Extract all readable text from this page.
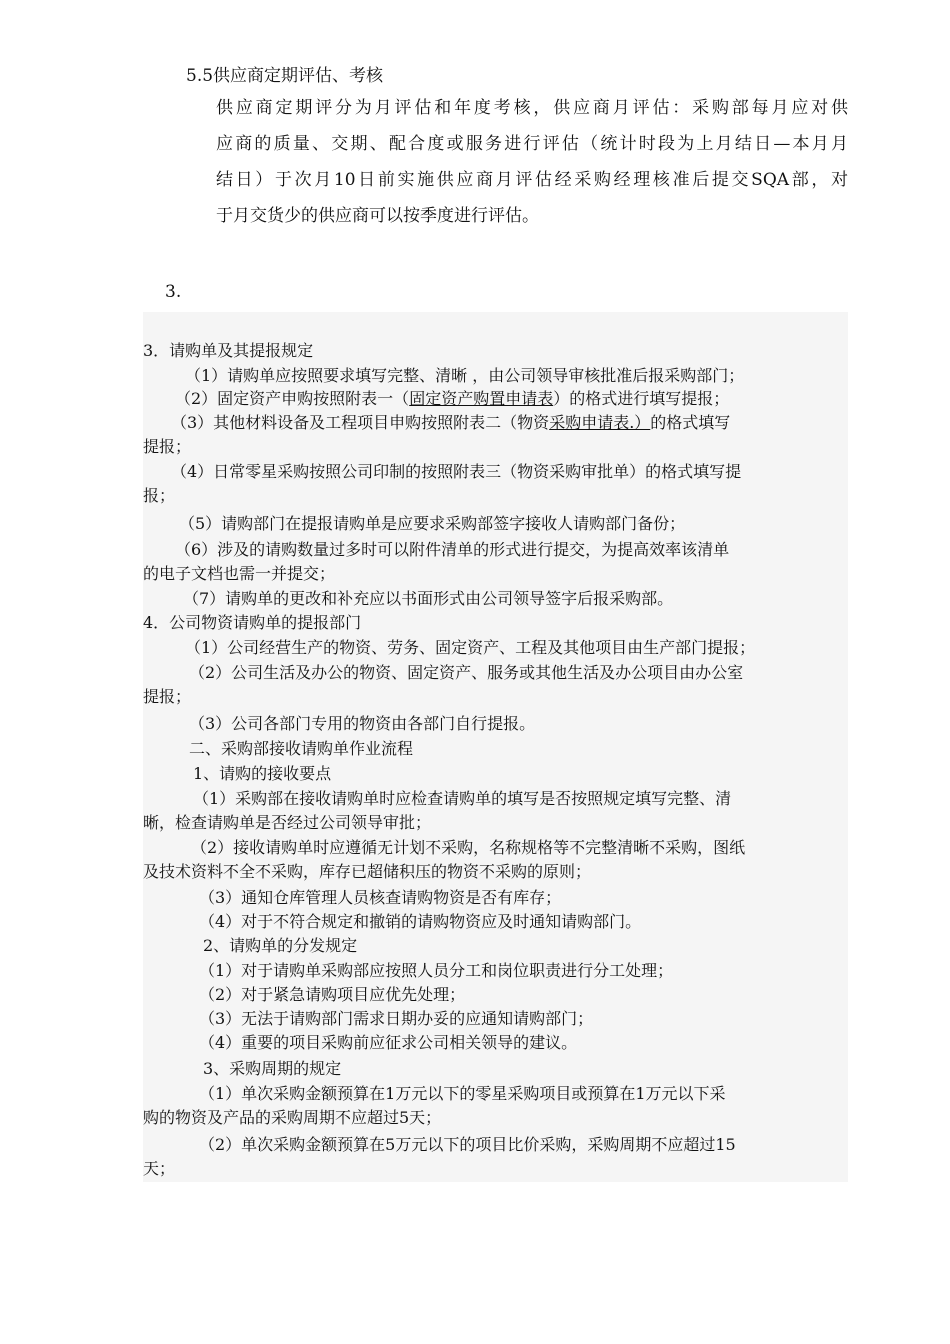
5.5供应商定期评估、考核
供应商定期评分为月评估和年度考核，供应商月评估：采购部每月应对供
应商的质量、交期、配合度或服务进行评估（统计时段为上月结日—本月月
结日）于次月10日前实施供应商月评估经采购经理核准后提交SQA部，对
于月交货少的供应商可以按季度进行评估。
3.
3．请购单及其提报规定
（1）请购单应按照要求填写完整、清晰 ，由公司领导审核批准后报采购部门；
（2）固定资产申购按照附表一（固定资产购置申请表）的格式进行填写提报；
（3）其他材料设备及工程项目申购按照附表二（物资采购申请表.）的格式填写
提报；
（4）日常零星采购按照公司印制的按照附表三（物资采购审批单）的格式填写提
报；
（5）请购部门在提报请购单是应要求采购部签字接收人请购部门备份；
（6）涉及的请购数量过多时可以附件清单的形式进行提交，为提高效率该清单
的电子文档也需一并提交；
（7）请购单的更改和补充应以书面形式由公司领导签字后报采购部。
4．公司物资请购单的提报部门
（1）公司经营生产的物资、劳务、固定资产、工程及其他项目由生产部门提报；
（2）公司生活及办公的物资、固定资产、服务或其他生活及办公项目由办公室
提报；
（3）公司各部门专用的物资由各部门自行提报。
二、采购部接收请购单作业流程
1、请购的接收要点
（1）采购部在接收请购单时应检查请购单的填写是否按照规定填写完整、清
晰，检查请购单是否经过公司领导审批；
（2）接收请购单时应遵循无计划不采购，名称规格等不完整清晰不采购，图纸
及技术资料不全不采购，库存已超储积压的物资不采购的原则；
（3）通知仓库管理人员核查请购物资是否有库存；
（4）对于不符合规定和撤销的请购物资应及时通知请购部门。
2、请购单的分发规定
（1）对于请购单采购部应按照人员分工和岗位职责进行分工处理；
（2）对于紧急请购项目应优先处理；
（3）无法于请购部门需求日期办妥的应通知请购部门；
（4）重要的项目采购前应征求公司相关领导的建议。
3、采购周期的规定
（1）单次采购金额预算在1万元以下的零星采购项目或预算在1万元以下采
购的物资及产品的采购周期不应超过5天；
（2）单次采购金额预算在5万元以下的项目比价采购，采购周期不应超过15
天；
